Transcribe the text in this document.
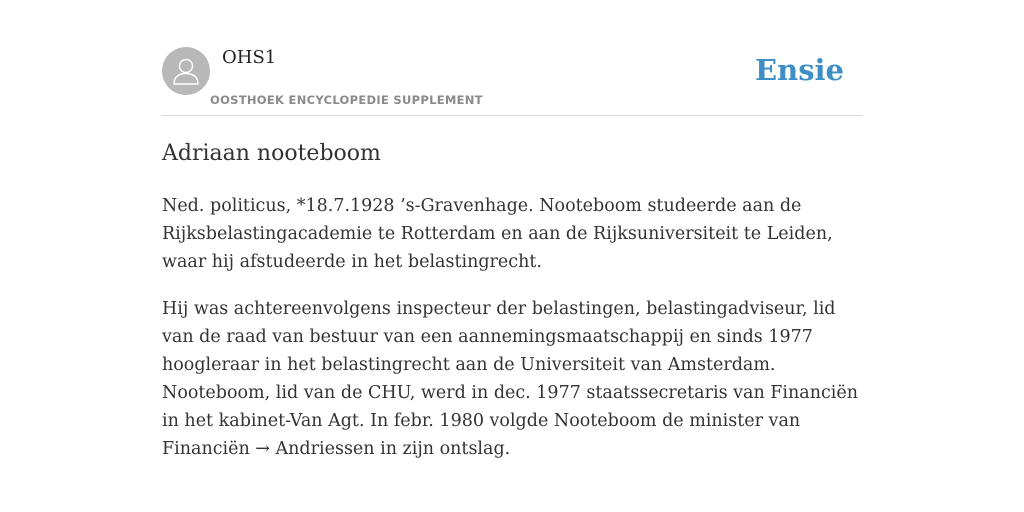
OHS1
OOSTHOEK ENCYCLOPEDIE SUPPLEMENT
Ensie
Adriaan nooteboom

Ned. politicus, *18.7.1928 ’s-Gravenhage. Nooteboom studeerde aan de Rijksbelastingacademie te Rotterdam en aan de Rijksuniversiteit te Leiden, waar hij afstudeerde in het belastingrecht.

Hij was achtereenvolgens inspecteur der belastingen, belastingadviseur, lid van de raad van bestuur van een aannemingsmaatschappij en sinds 1977 hoogleraar in het belastingrecht aan de Universiteit van Amsterdam. Nooteboom, lid van de CHU, werd in dec. 1977 staatssecretaris van Financiën in het kabinet-Van Agt. In febr. 1980 volgde Nooteboom de minister van Financiën → Andriessen in zijn ontslag.
